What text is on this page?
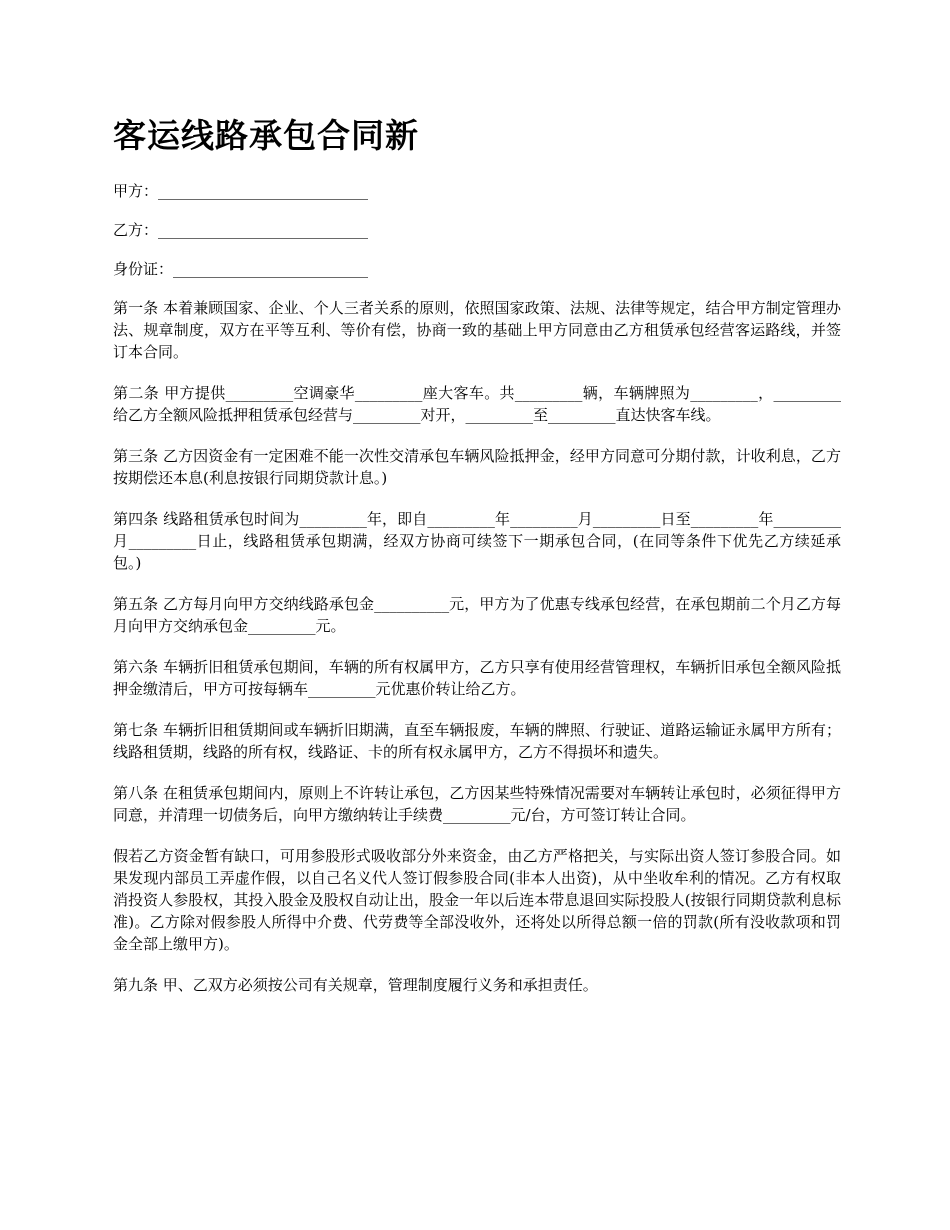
客运线路承包合同新
甲方：____________________________
乙方：____________________________
身份证：__________________________

第一条 本着兼顾国家、企业、个人三者关系的原则，依照国家政策、法规、法律等规定，结合甲方制定管理办法、规章制度，双方在平等互利、等价有偿，协商一致的基础上甲方同意由乙方租赁承包经营客运路线，并签订本合同。

第二条 甲方提供_________空调豪华_________座大客车。共_________辆，车辆牌照为_________，_________给乙方全额风险抵押租赁承包经营与_________对开，_________至_________直达快客车线。

第三条 乙方因资金有一定困难不能一次性交清承包车辆风险抵押金，经甲方同意可分期付款，计收利息，乙方按期偿还本息(利息按银行同期贷款计息。)

第四条 线路租赁承包时间为_________年，即自_________年_________月_________日至_________年_________月_________日止，线路租赁承包期满，经双方协商可续签下一期承包合同，(在同等条件下优先乙方续延承包。)

第五条 乙方每月向甲方交纳线路承包金__________元，甲方为了优惠专线承包经营，在承包期前二个月乙方每月向甲方交纳承包金_________元。

第六条 车辆折旧租赁承包期间，车辆的所有权属甲方，乙方只享有使用经营管理权，车辆折旧承包全额风险抵押金缴清后，甲方可按每辆车_________元优惠价转让给乙方。

第七条 车辆折旧租赁期间或车辆折旧期满，直至车辆报废，车辆的牌照、行驶证、道路运输证永属甲方所有；线路租赁期，线路的所有权，线路证、卡的所有权永属甲方，乙方不得损坏和遗失。

第八条 在租赁承包期间内，原则上不许转让承包，乙方因某些特殊情况需要对车辆转让承包时，必须征得甲方同意，并清理一切债务后，向甲方缴纳转让手续费_________元/台，方可签订转让合同。

假若乙方资金暂有缺口，可用参股形式吸收部分外来资金，由乙方严格把关，与实际出资人签订参股合同。如果发现内部员工弄虚作假，以自己名义代人签订假参股合同(非本人出资)，从中坐收牟利的情况。乙方有权取消投资人参股权，其投入股金及股权自动让出，股金一年以后连本带息退回实际投股人(按银行同期贷款利息标准)。乙方除对假参股人所得中介费、代劳费等全部没收外，还将处以所得总额一倍的罚款(所有没收款项和罚金全部上缴甲方)。

第九条 甲、乙双方必须按公司有关规章，管理制度履行义务和承担责任。
